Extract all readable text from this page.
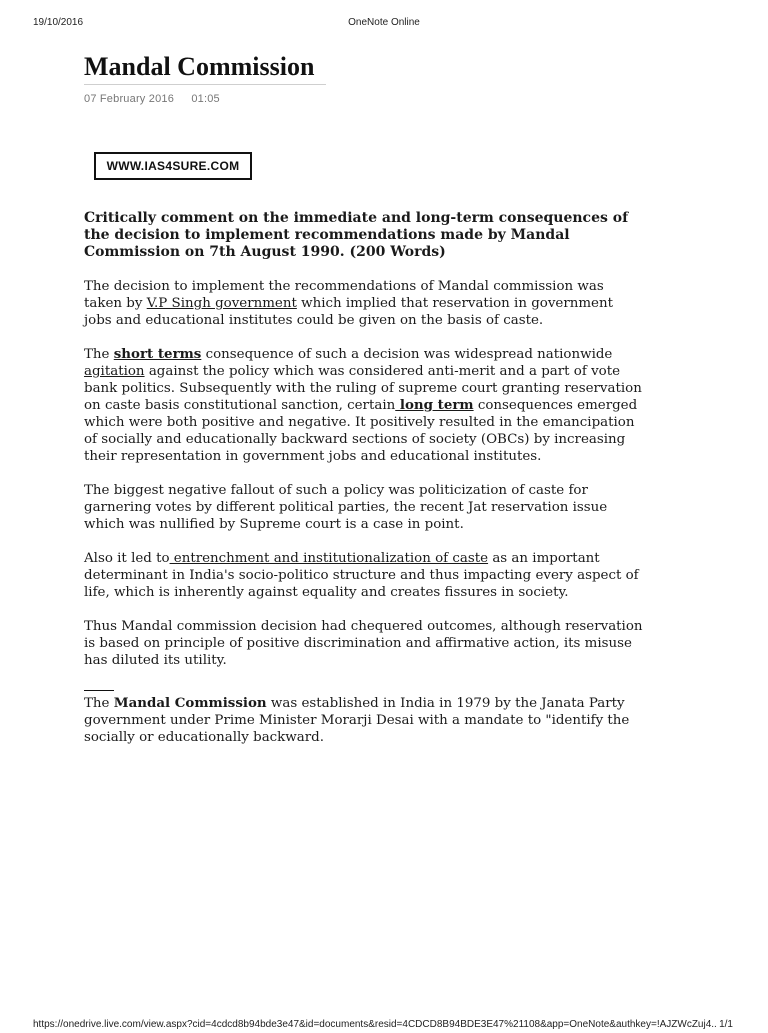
19/10/2016	OneNote Online
Mandal Commission
07 February 2016 01:05
WWW.IAS4SURE.COM

Critically comment on the immediate and long-term consequences of the decision to implement recommendations made by Mandal Commission on 7th August 1990. (200 Words)

The decision to implement the recommendations of Mandal commission was taken by V.P Singh government which implied that reservation in government jobs and educational institutes could be given on the basis of caste.

The short terms consequence of such a decision was widespread nationwide agitation against the policy which was considered anti-merit and a part of vote bank politics. Subsequently with the ruling of supreme court granting reservation on caste basis constitutional sanction, certain long term consequences emerged which were both positive and negative. It positively resulted in the emancipation of socially and educationally backward sections of society (OBCs) by increasing their representation in government jobs and educational institutes.

The biggest negative fallout of such a policy was politicization of caste for garnering votes by different political parties, the recent Jat reservation issue which was nullified by Supreme court is a case in point.

Also it led to entrenchment and institutionalization of caste as an important determinant in India's socio-politico structure and thus impacting every aspect of life, which is inherently against equality and creates fissures in society.

Thus Mandal commission decision had chequered outcomes, although reservation is based on principle of positive discrimination and affirmative action, its misuse has diluted its utility.

The Mandal Commission was established in India in 1979 by the Janata Party government under Prime Minister Morarji Desai with a mandate to "identify the socially or educationally backward.

https://onedrive.live.com/view.aspx?cid=4cdcd8b94bde3e47&id=documents&resid=4CDCD8B94BDE3E47%21108&app=OneNote&authkey=!AJZWcZuj4.. 1/1
